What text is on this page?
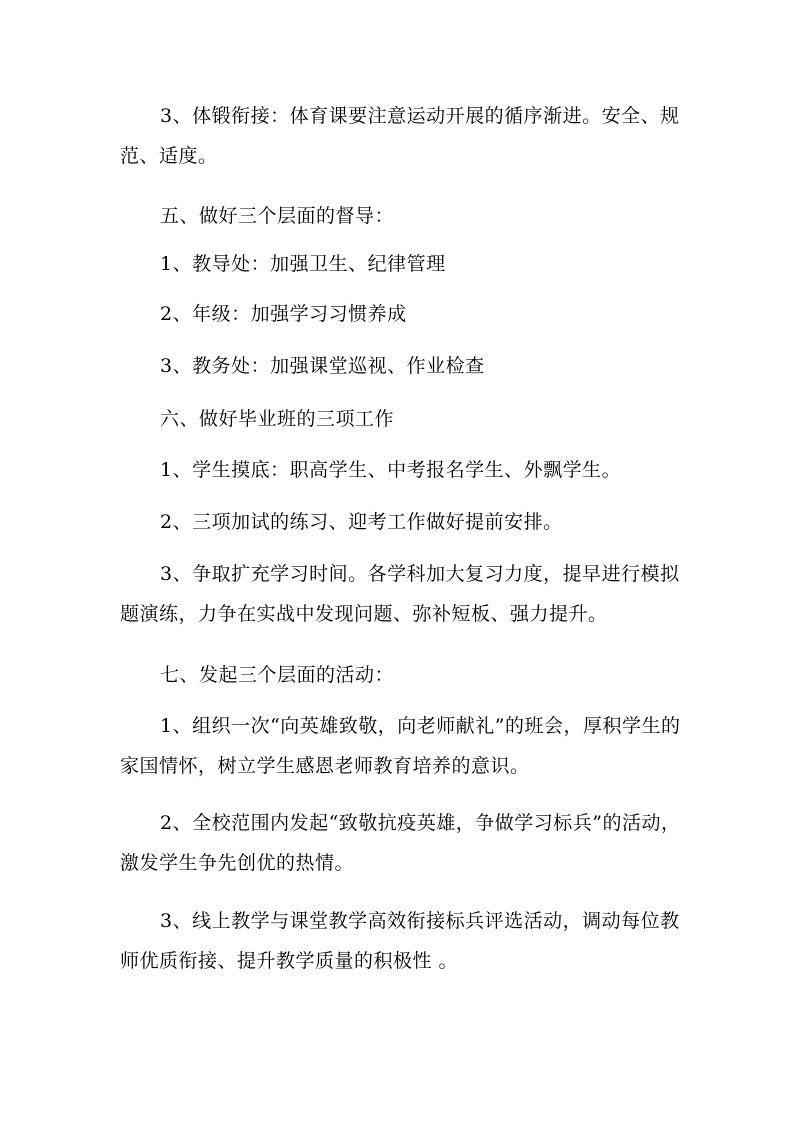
3、体锻衔接：体育课要注意运动开展的循序渐进。安全、规范、适度。

五、做好三个层面的督导：

1、教导处：加强卫生、纪律管理

2、年级：加强学习习惯养成

3、教务处：加强课堂巡视、作业检查

六、做好毕业班的三项工作

1、学生摸底：职高学生、中考报名学生、外飘学生。

2、三项加试的练习、迎考工作做好提前安排。

3、争取扩充学习时间。各学科加大复习力度，提早进行模拟题演练，力争在实战中发现问题、弥补短板、强力提升。

七、发起三个层面的活动：

1、组织一次“向英雄致敬，向老师献礼”的班会，厚积学生的家国情怀，树立学生感恩老师教育培养的意识。

2、全校范围内发起“致敬抗疫英雄，争做学习标兵”的活动，激发学生争先创优的热情。

3、线上教学与课堂教学高效衔接标兵评选活动，调动每位教师优质衔接、提升教学质量的积极性 。
